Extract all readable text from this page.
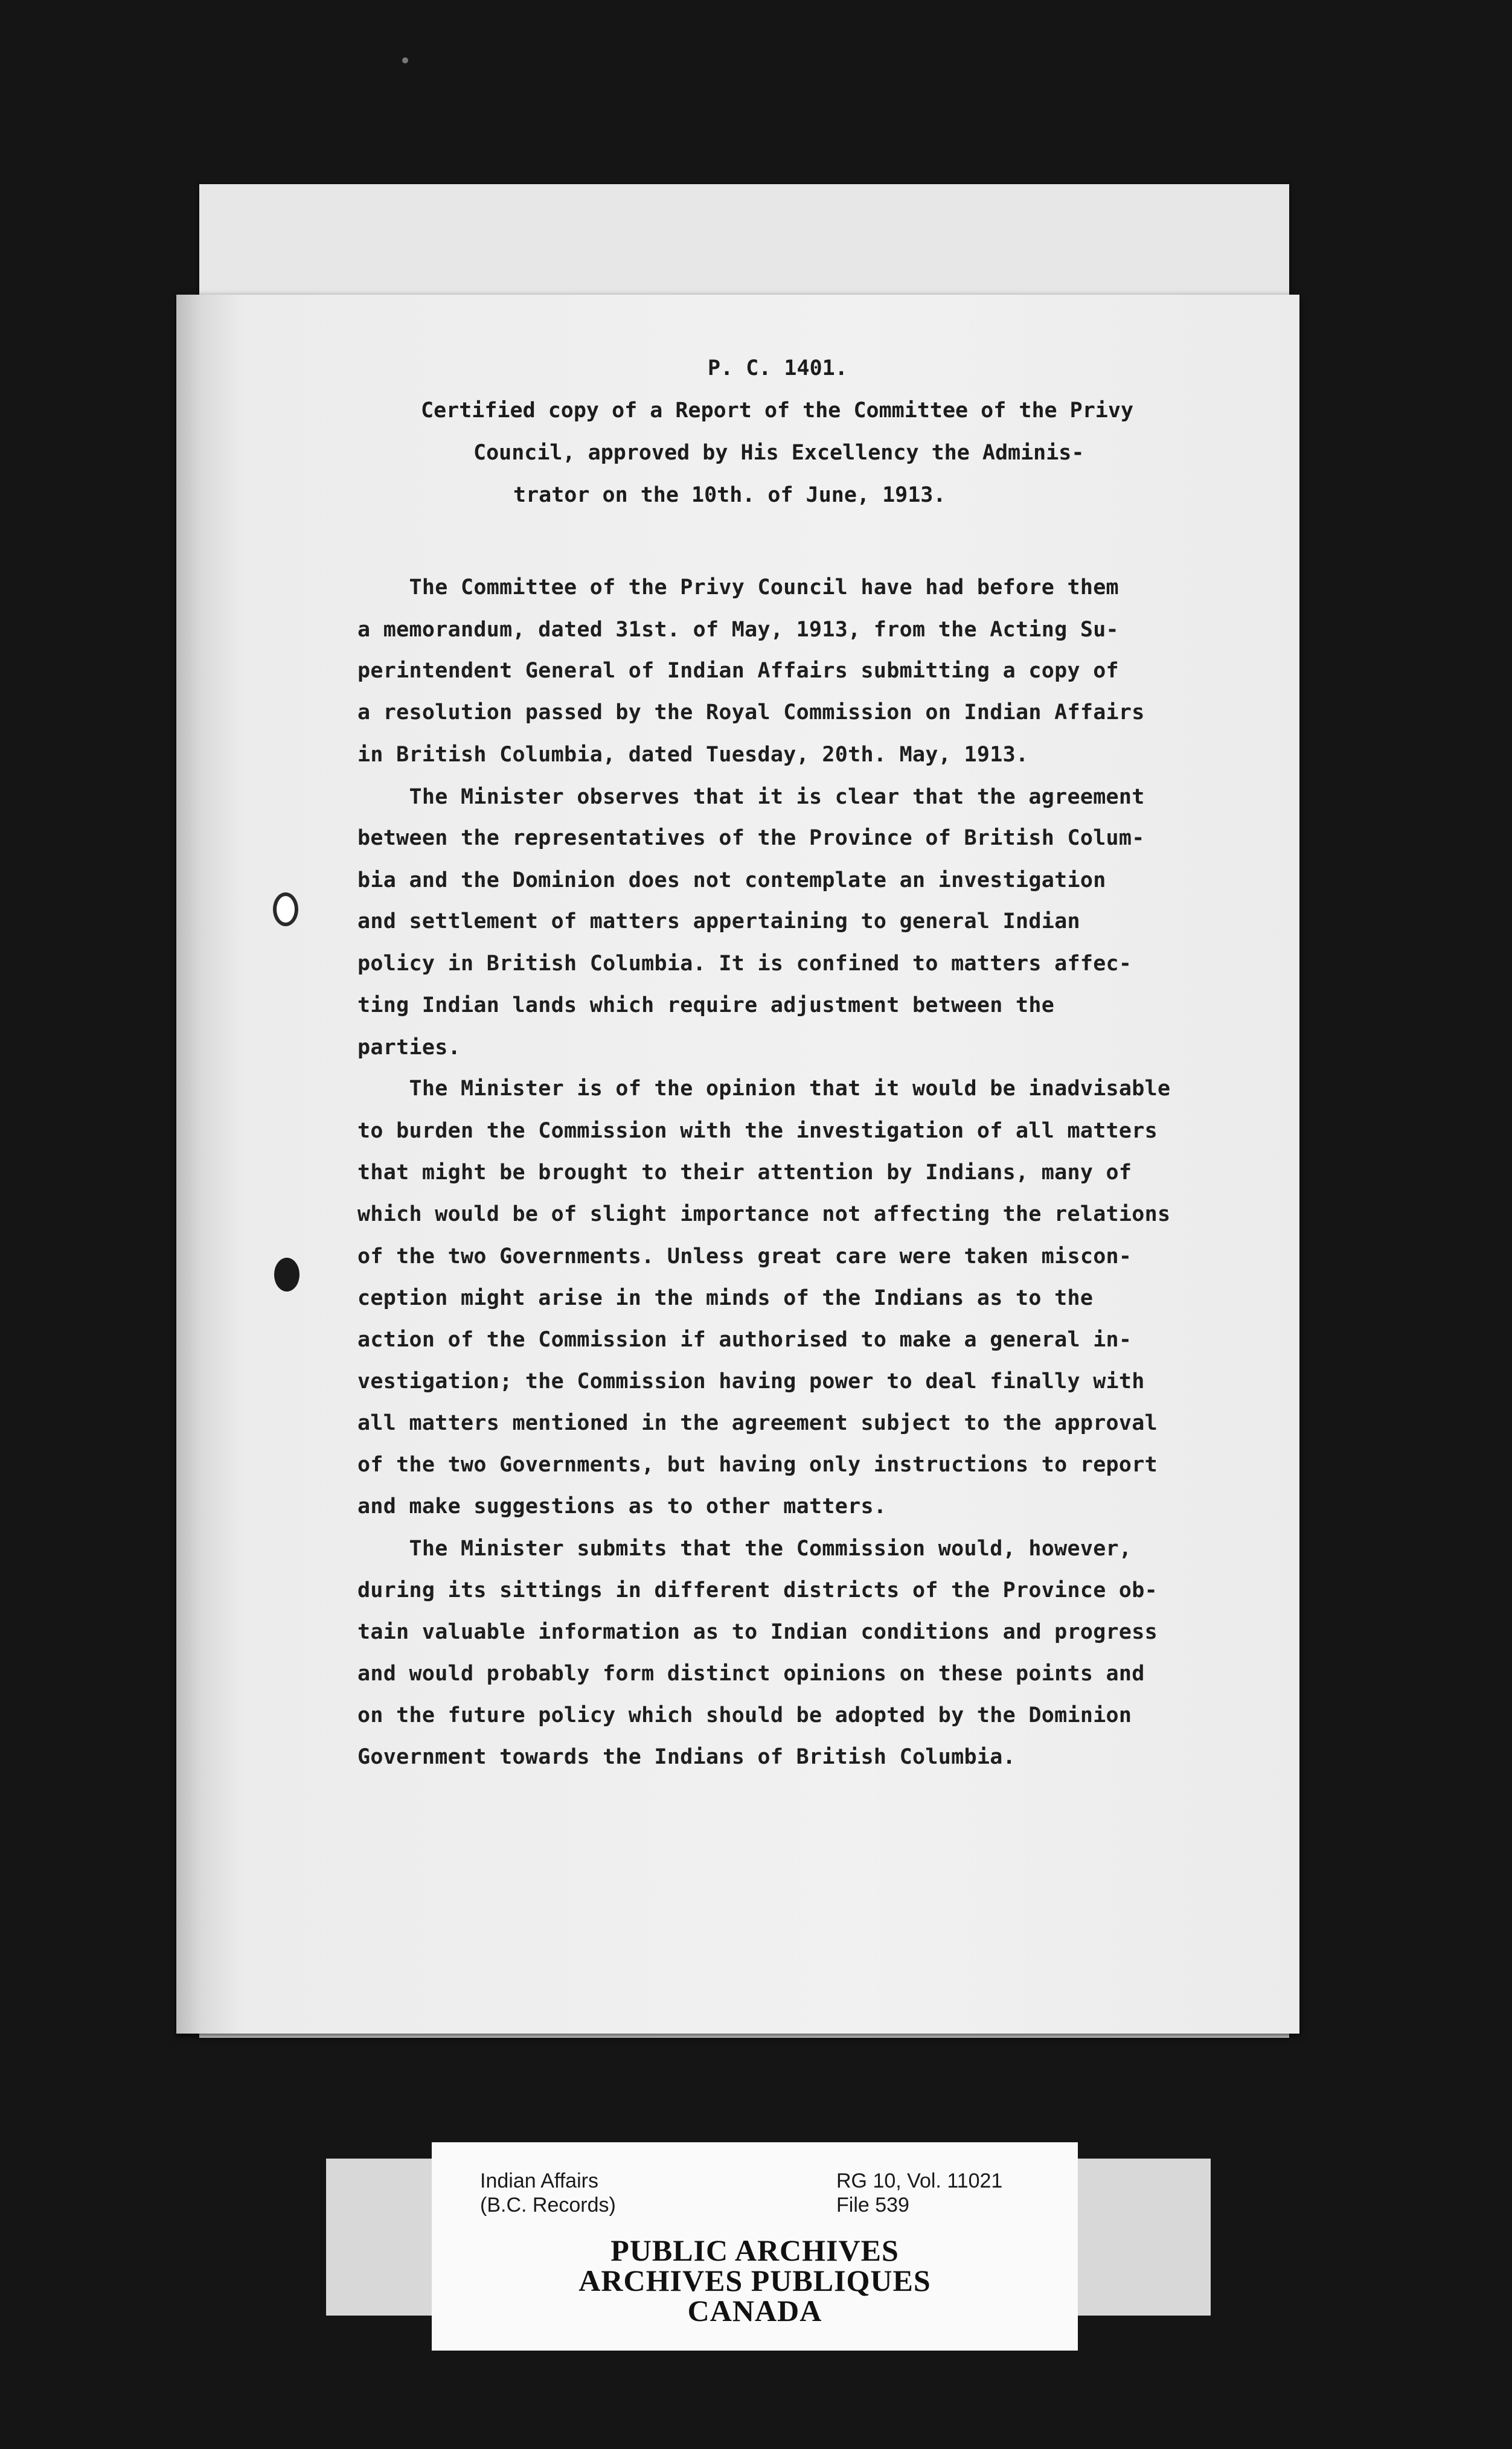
P. C. 1401.
Certified copy of a Report of the Committee of the Privy
Council, approved by His Excellency the Adminis-
trator on the 10th. of June, 1913.
The Committee of the Privy Council have had before them
a memorandum, dated 31st. of May, 1913, from the Acting Su-
perintendent General of Indian Affairs submitting a copy of
a resolution passed by the Royal Commission on Indian Affairs
in British Columbia, dated Tuesday, 20th. May, 1913.
The Minister observes that it is clear that the agreement
between the representatives of the Province of British Colum-
bia and the Dominion does not contemplate an investigation
and settlement of matters appertaining to general Indian
policy in British Columbia. It is confined to matters affec-
ting Indian lands which require adjustment between the
parties.
The Minister is of the opinion that it would be inadvisable
to burden the Commission with the investigation of all matters
that might be brought to their attention by Indians, many of
which would be of slight importance not affecting the relations
of the two Governments. Unless great care were taken miscon-
ception might arise in the minds of the Indians as to the
action of the Commission if authorised to make a general in-
vestigation; the Commission having power to deal finally with
all matters mentioned in the agreement subject to the approval
of the two Governments, but having only instructions to report
and make suggestions as to other matters.
The Minister submits that the Commission would, however,
during its sittings in different districts of the Province ob-
tain valuable information as to Indian conditions and progress
and would probably form distinct opinions on these points and
on the future policy which should be adopted by the Dominion
Government towards the Indians of British Columbia.
Indian Affairs
(B.C. Records)
RG 10, Vol. 11021
File 539
PUBLIC ARCHIVES
ARCHIVES PUBLIQUES
CANADA
